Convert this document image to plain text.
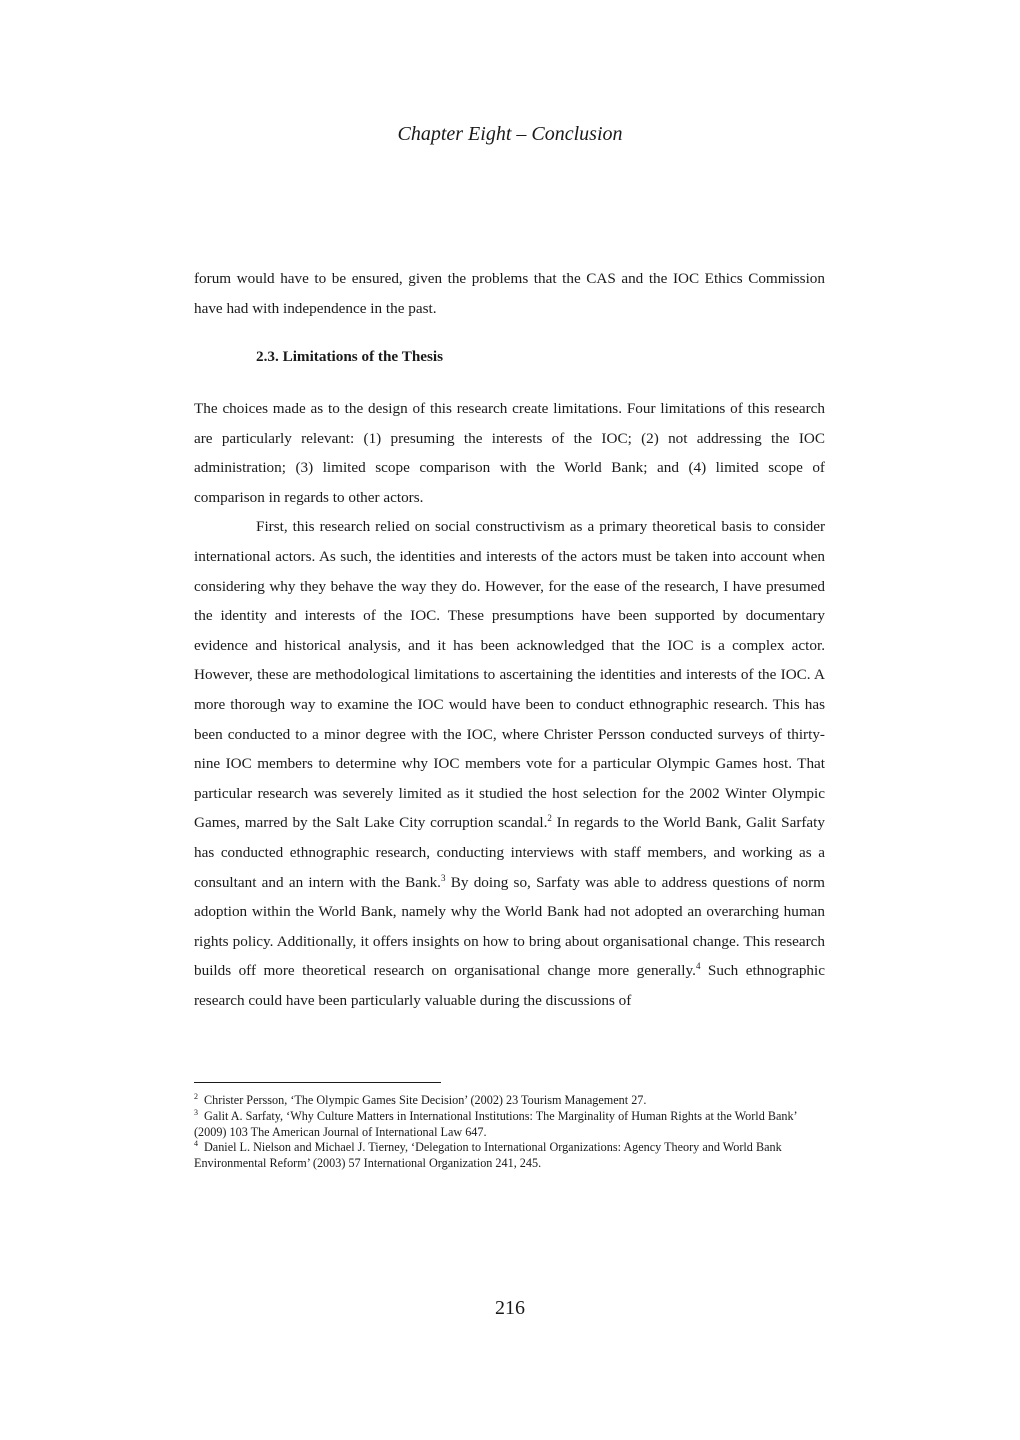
Chapter Eight – Conclusion

forum would have to be ensured, given the problems that the CAS and the IOC Ethics Commission have had with independence in the past.

2.3. Limitations of the Thesis

The choices made as to the design of this research create limitations. Four limitations of this research are particularly relevant: (1) presuming the interests of the IOC; (2) not addressing the IOC administration; (3) limited scope comparison with the World Bank; and (4) limited scope of comparison in regards to other actors.

First, this research relied on social constructivism as a primary theoretical basis to consider international actors. As such, the identities and interests of the actors must be taken into account when considering why they behave the way they do. However, for the ease of the research, I have presumed the identity and interests of the IOC. These presumptions have been supported by documentary evidence and historical analysis, and it has been acknowledged that the IOC is a complex actor. However, these are methodological limitations to ascertaining the identities and interests of the IOC. A more thorough way to examine the IOC would have been to conduct ethnographic research. This has been conducted to a minor degree with the IOC, where Christer Persson conducted surveys of thirty-nine IOC members to determine why IOC members vote for a particular Olympic Games host. That particular research was severely limited as it studied the host selection for the 2002 Winter Olympic Games, marred by the Salt Lake City corruption scandal.$^2$ In regards to the World Bank, Galit Sarfaty has conducted ethnographic research, conducting interviews with staff members, and working as a consultant and an intern with the Bank.$^3$ By doing so, Sarfaty was able to address questions of norm adoption within the World Bank, namely why the World Bank had not adopted an overarching human rights policy. Additionally, it offers insights on how to bring about organisational change. This research builds off more theoretical research on organisational change more generally.$^4$ Such ethnographic research could have been particularly valuable during the discussions of

$^2$ Christer Persson, ‘The Olympic Games Site Decision’ (2002) 23 Tourism Management 27.

$^3$ Galit A. Sarfaty, ‘Why Culture Matters in International Institutions: The Marginality of Human Rights at the World Bank’ (2009) 103 The American Journal of International Law 647.

$^4$ Daniel L. Nielson and Michael J. Tierney, ‘Delegation to International Organizations: Agency Theory and World Bank Environmental Reform’ (2003) 57 International Organization 241, 245.

216
